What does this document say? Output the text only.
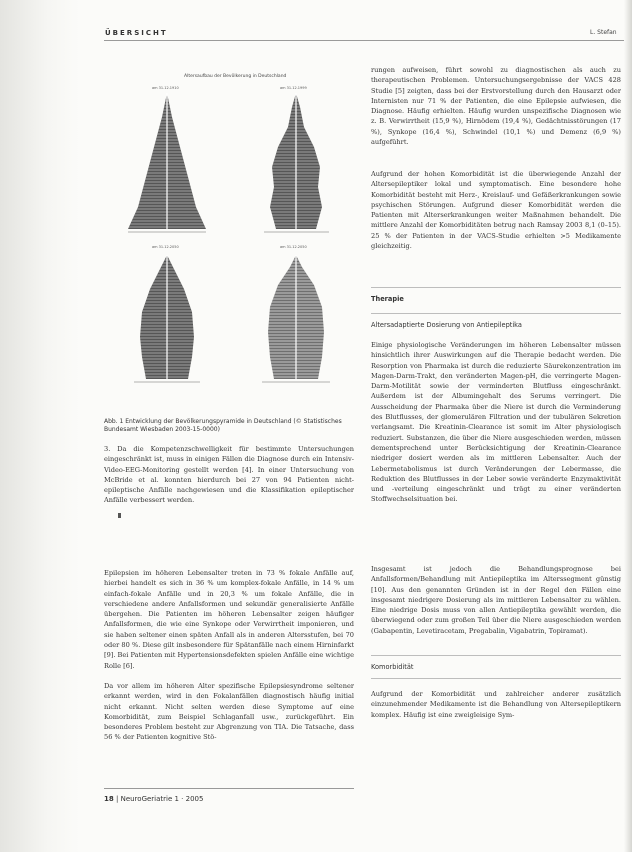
ÜBERSICHT	L. Stefan
Altersaufbau der Bevölkerung in Deutschland
am 31.12.1910	am 31.12.1999
am 31.12.2050	am 31.12.2050
Abb. 1 Entwicklung der Bevölkerungspyramide in Deutschland (© Statistisches Bundesamt Wiesbaden 2003-15-0000)

3. Da die Kompetenzschwelligkeit für bestimmte Untersuchungen eingeschränkt ist, muss in einigen Fällen die Diagnose durch ein Intensiv-Video-EEG-Monitoring gestellt werden [4]. In einer Untersuchung von McBride et al. konnten hierdurch bei 27 von 94 Patienten nicht-epileptische Anfälle nachgewiesen und die Klassifikation epileptischer Anfälle verbessert werden.

Epilepsien im höheren Lebensalter treten in 73 % fokale Anfälle auf, hierbei handelt es sich in 36 % um komplex-fokale Anfälle, in 14 % um einfach-fokale Anfälle und in 20,3 % um fokale Anfälle, die in verschiedene andere Anfallsformen und sekundär generalisierte Anfälle übergehen. Die Patienten im höheren Lebensalter zeigen häufiger Anfallsformen, die wie eine Synkope oder Verwirrtheit imponieren, und sie haben seltener einen späten Anfall als in anderen Altersstufen, bei 70 oder 80 %. Diese gilt insbesondere für Spätanfälle nach einem Hirninfarkt [9]. Bei Patienten mit Hypertensionsdefekten spielen Anfälle eine wichtige Rolle [6].

Da vor allem im höheren Alter spezifische Epilepsiesyndrome seltener erkannt werden, wird in den Fokalanfällen diagnostisch häufig initial nicht erkannt. Nicht selten werden diese Symptome auf eine Komorbidität, zum Beispiel Schlaganfall usw., zurückgeführt. Ein besonderes Problem besteht zur Abgrenzung von TIA. Die Tatsache, dass 56 % der Patienten kognitive Stö-

rungen aufweisen, führt sowohl zu diagnostischen als auch zu therapeutischen Problemen. Untersuchungsergebnisse der VACS 428 Studie [5] zeigten, dass bei der Erstvorstellung durch den Hausarzt oder Internisten nur 71 % der Patienten, die eine Epilepsie aufwiesen, die Diagnose. Häufig erhielten. Häufig wurden unspezifische Diagnosen wie z. B. Verwirrtheit (15,9 %), Hirnödem (19,4 %), Gedächtnisstörungen (17 %), Synkope (16,4 %), Schwindel (10,1 %) und Demenz (6,9 %) aufgeführt.

Aufgrund der hohen Komorbidität ist die überwiegende Anzahl der Altersepileptiker lokal und symptomatisch. Eine besondere hohe Komorbidität besteht mit Herz-, Kreislauf- und Gefäßerkrankungen sowie psychischen Störungen. Aufgrund dieser Komorbidität werden die Patienten mit Alterserkrankungen weiter Maßnahmen behandelt. Die mittlere Anzahl der Komorbiditäten betrug nach Ramsay 2003 8,1 (0–15). 25 % der Patienten in der VACS-Studie erhielten >5 Medikamente gleichzeitig.

Therapie
Altersadaptierte Dosierung von Antiepileptika

Einige physiologische Veränderungen im höheren Lebensalter müssen hinsichtlich ihrer Auswirkungen auf die Therapie bedacht werden. Die Resorption von Pharmaka ist durch die reduzierte Säurekonzentration im Magen-Darm-Trakt, den veränderten Magen-pH, die verringerte Magen-Darm-Motilität sowie der verminderten Blutfluss eingeschränkt. Außerdem ist der Albumingehalt des Serums verringert. Die Ausscheidung der Pharmaka über die Niere ist durch die Verminderung des Blutflusses, der glomerulären Filtration und der tubulären Sekretion verlangsamt. Die Kreatinin-Clearance ist somit im Alter physiologisch reduziert. Substanzen, die über die Niere ausgeschieden werden, müssen dementsprechend unter Berücksichtigung der Kreatinin-Clearance niedriger dosiert werden als im mittleren Lebensalter. Auch der Lebermetabolismus ist durch Veränderungen der Lebermasse, die Reduktion des Blutflusses in der Leber sowie veränderte Enzymaktivität und -verteilung eingeschränkt und trägt zu einer veränderten Stoffwechselsituation bei.

Insgesamt ist jedoch die Behandlungsprognose bei Anfallsformen/Behandlung mit Antiepileptika im Alterssegment günstig [10]. Aus den genannten Gründen ist in der Regel den Fällen eine insgesamt niedrigere Dosierung als im mittleren Lebensalter zu wählen. Eine niedrige Dosis muss von allen Antiepileptika gewählt werden, die überwiegend oder zum großen Teil über die Niere ausgeschieden werden (Gabapentin, Levetiracetam, Pregabalin, Vigabatrin, Topiramat).

Komorbidität

Aufgrund der Komorbidität und zahlreicher anderer zusätzlich einzunehmender Medikamente ist die Behandlung von Altersepileptikern komplex. Häufig ist eine zweigleisige Sym-

18 | NeuroGeriatrie 1 · 2005
